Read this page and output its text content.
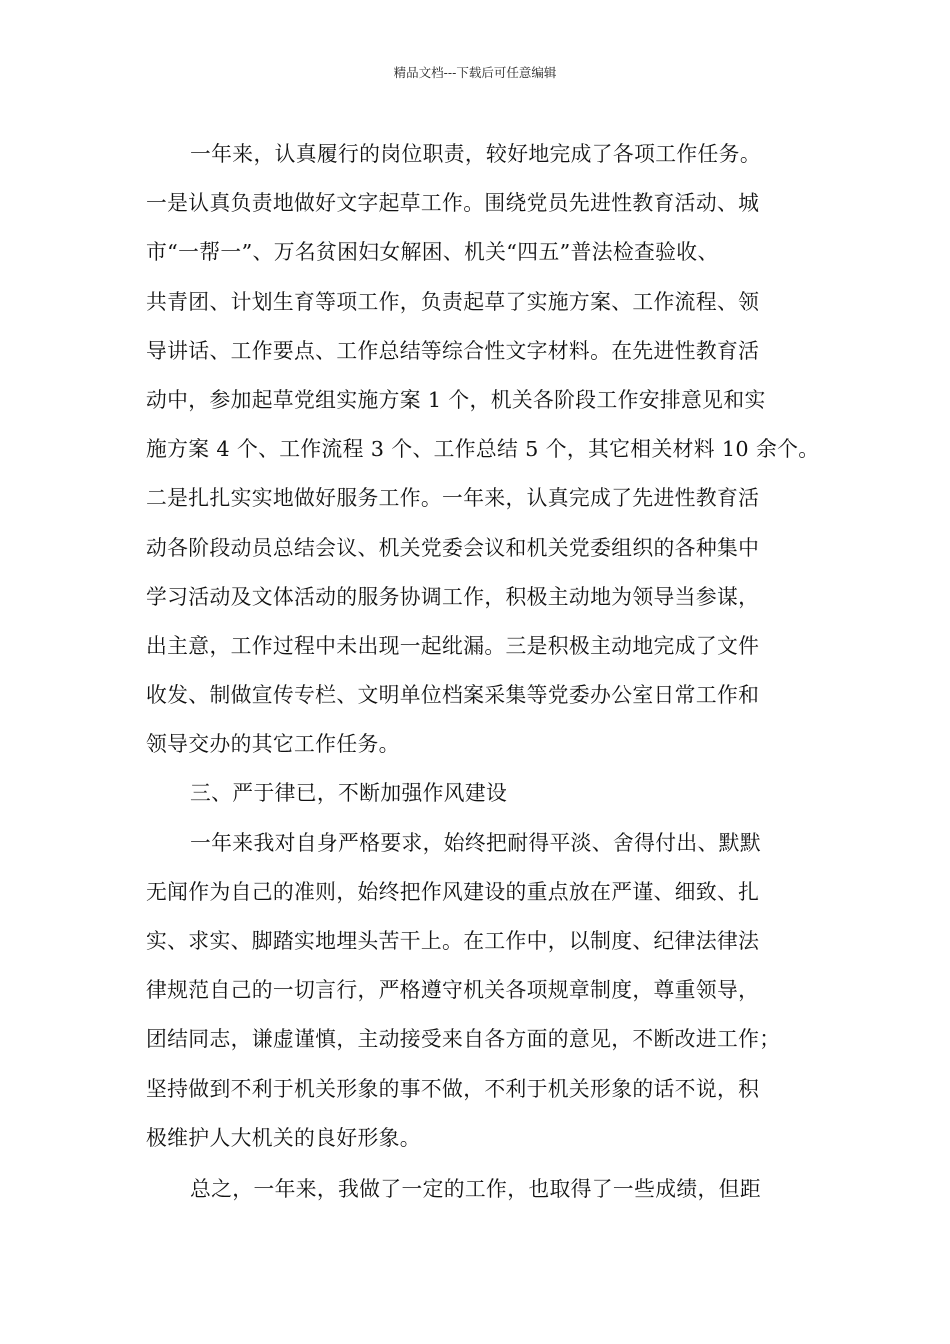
精品文档---下载后可任意编辑
一年来，认真履行的岗位职责，较好地完成了各项工作任务。
一是认真负责地做好文字起草工作。围绕党员先进性教育活动、城
市“一帮一”、万名贫困妇女解困、机关“四五”普法检查验收、
共青团、计划生育等项工作，负责起草了实施方案、工作流程、领
导讲话、工作要点、工作总结等综合性文字材料。在先进性教育活
动中，参加起草党组实施方案 1 个，机关各阶段工作安排意见和实
施方案 4 个、工作流程 3 个、工作总结 5 个，其它相关材料 10 余个。
二是扎扎实实地做好服务工作。一年来，认真完成了先进性教育活
动各阶段动员总结会议、机关党委会议和机关党委组织的各种集中
学习活动及文体活动的服务协调工作，积极主动地为领导当参谋，
出主意，工作过程中未出现一起纰漏。三是积极主动地完成了文件
收发、制做宣传专栏、文明单位档案采集等党委办公室日常工作和
领导交办的其它工作任务。
三、严于律已，不断加强作风建设
一年来我对自身严格要求，始终把耐得平淡、舍得付出、默默
无闻作为自己的准则，始终把作风建设的重点放在严谨、细致、扎
实、求实、脚踏实地埋头苦干上。在工作中，以制度、纪律法律法
律规范自己的一切言行，严格遵守机关各项规章制度，尊重领导，
团结同志，谦虚谨慎，主动接受来自各方面的意见，不断改进工作；
坚持做到不利于机关形象的事不做，不利于机关形象的话不说，积
极维护人大机关的良好形象。
总之，一年来，我做了一定的工作，也取得了一些成绩，但距
